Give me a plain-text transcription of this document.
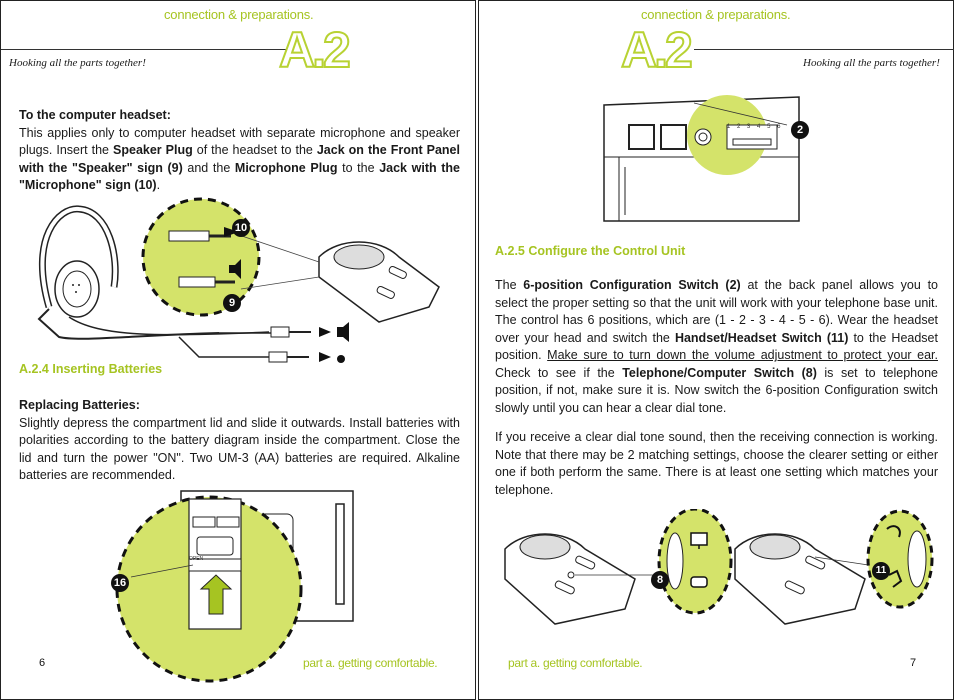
connection & preparations.
Hooking all the parts together!	A.2
To the computer headset:
This applies only to computer headset with separate microphone and speaker plugs. Insert the Speaker Plug of the headset to the Jack on the Front Panel with the "Speaker" sign (9) and the Microphone Plug to the Jack with the "Microphone" sign (10).
10
9
A.2.4 Inserting Batteries
Replacing Batteries:
Slightly depress the compartment lid and slide it outwards. Install batteries with polarities according to the battery diagram inside the compartment. Close the lid and turn the power "ON". Two UM-3 (AA) batteries are required. Alkaline batteries are recommended.
OPEN
16
6	part a. getting comfortable.
connection & preparations.
A.2	Hooking all the parts together!
1 2 3 4 5 6	2
A.2.5 Configure the Control Unit
The 6-position Configuration Switch (2) at the back panel allows you to select the proper setting so that the unit will work with your telephone base unit. The control has 6 positions, which are (1 - 2 - 3 - 4 - 5 - 6). Wear the headset over your head and switch the Handset/Headset Switch (11) to the Headset position. Make sure to turn down the volume adjustment to protect your ear. Check to see if the Telephone/Computer Switch (8) is set to telephone position, if not, make sure it is. Now switch the 6-position Configuration switch slowly until you can hear a clear dial tone.
If you receive a clear dial tone sound, then the receiving connection is working. Note that there may be 2 matching settings, choose the clearer setting or either one if both perform the same. There is at least one setting which matches your telephone.
8
11
part a. getting comfortable.	7
